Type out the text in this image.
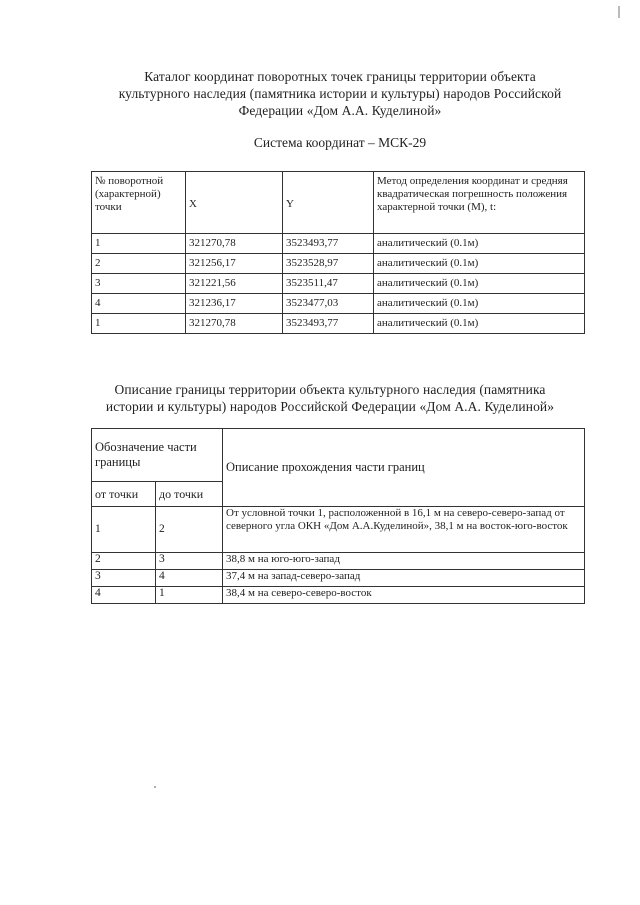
Каталог координат поворотных точек границы территории объекта
культурного наследия (памятника истории и культуры) народов Российской
Федерации «Дом А.А. Куделиной»
Система координат – МСК-29
№ поворотной (характерной) точки	X	Y	Метод определения координат и средняя квадратическая погрешность положения характерной точки (M), t:
1	321270,78	3523493,77	аналитический (0.1м)
2	321256,17	3523528,97	аналитический (0.1м)
3	321221,56	3523511,47	аналитический (0.1м)
4	321236,17	3523477,03	аналитический (0.1м)
1	321270,78	3523493,77	аналитический (0.1м)
Описание границы территории объекта культурного наследия (памятника
истории и культуры) народов Российской Федерации «Дом А.А. Куделиной»
Обозначение части границы		Описание прохождения части границ
от точки	до точки	
1	2	От условной точки 1, расположенной в 16,1 м на северо-северо-запад от северного угла ОКН «Дом А.А.Куделиной», 38,1 м на восток-юго-восток
2	3	38,8 м на юго-юго-запад
3	4	37,4 м на запад-северо-запад
4	1	38,4 м на северо-северо-восток
